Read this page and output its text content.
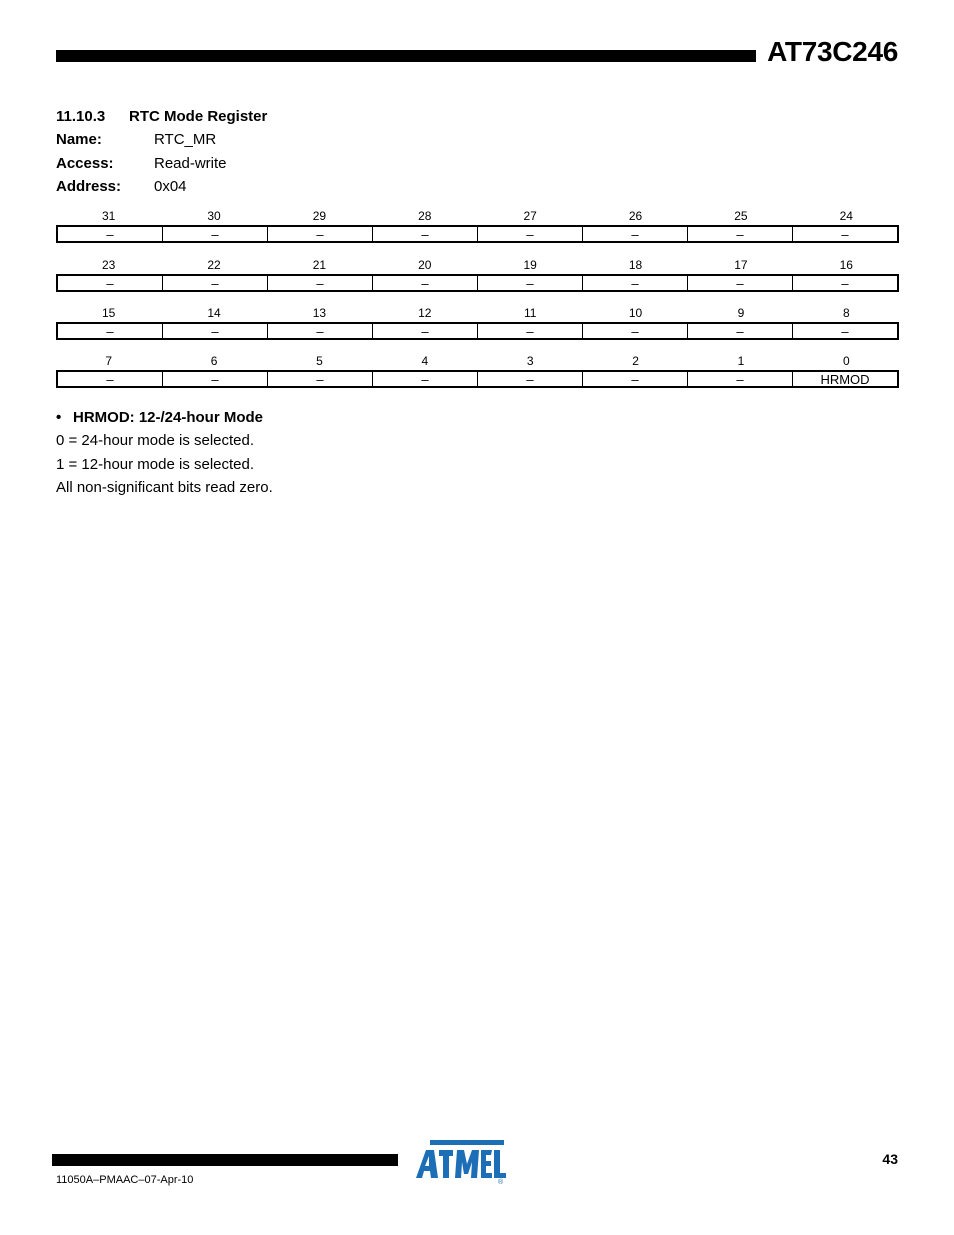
AT73C246
11.10.3 RTC Mode Register
Name:	RTC_MR
Access:	Read-write
Address: 0x04
31	30	29	28	27	26	25	24
–	–	–	–	–	–	–	–
23	22	21	20	19	18	17	16
–	–	–	–	–	–	–	–
15	14	13	12	11	10	9	8
–	–	–	–	–	–	–	–
7	6	5	4	3	2	1	0
–	–	–	–	–	–	–	HRMOD
• HRMOD: 12-/24-hour Mode
0 = 24-hour mode is selected.
1 = 12-hour mode is selected.
All non-significant bits read zero.
®
43
11050A–PMAAC–07-Apr-10
